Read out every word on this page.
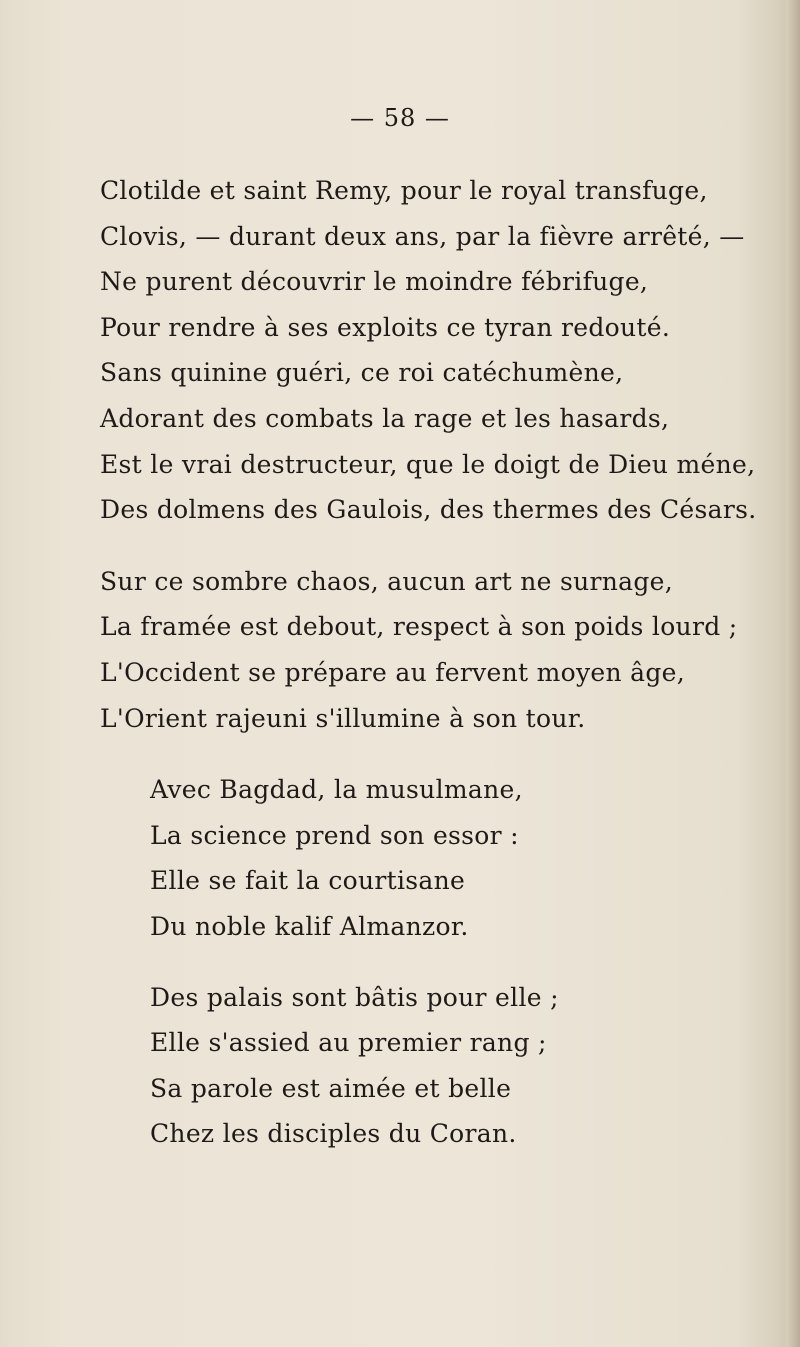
— 58 —
Clotilde et saint Remy, pour le royal transfuge,
Clovis, — durant deux ans, par la fièvre arrêté, —
Ne purent découvrir le moindre fébrifuge,
Pour rendre à ses exploits ce tyran redouté.
Sans quinine guéri, ce roi catéchumène,
Adorant des combats la rage et les hasards,
Est le vrai destructeur, que le doigt de Dieu méne,
Des dolmens des Gaulois, des thermes des Césars.
Sur ce sombre chaos, aucun art ne surnage,
La framée est debout, respect à son poids lourd ;
L'Occident se prépare au fervent moyen âge,
L'Orient rajeuni s'illumine à son tour.
Avec Bagdad, la musulmane,
La science prend son essor :
Elle se fait la courtisane
Du noble kalif Almanzor.
Des palais sont bâtis pour elle ;
Elle s'assied au premier rang ;
Sa parole est aimée et belle
Chez les disciples du Coran.
